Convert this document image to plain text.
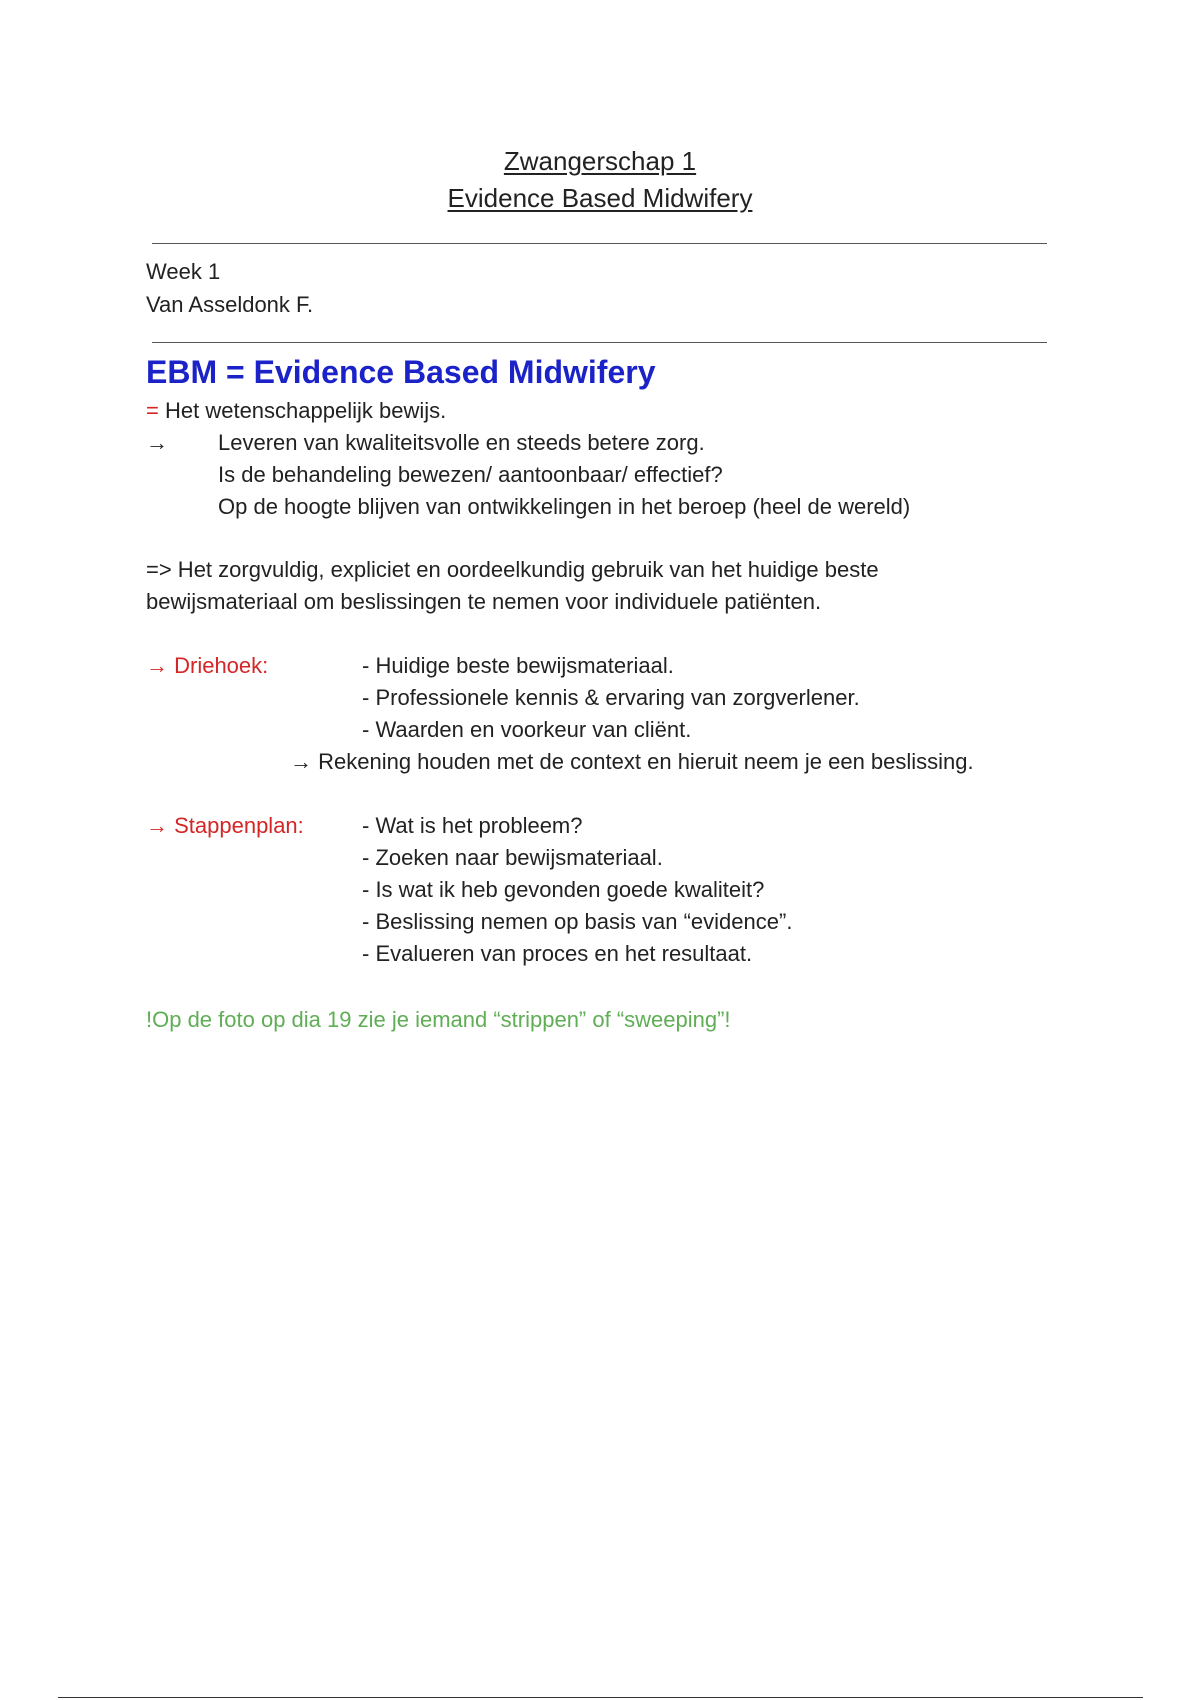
Zwangerschap 1
Evidence Based Midwifery
Week 1
Van Asseldonk F.
EBM = Evidence Based Midwifery
= Het wetenschappelijk bewijs.
→ Leveren van kwaliteitsvolle en steeds betere zorg.
Is de behandeling bewezen/ aantoonbaar/ effectief?
Op de hoogte blijven van ontwikkelingen in het beroep (heel de wereld)
=> Het zorgvuldig, expliciet en oordeelkundig gebruik van het huidige beste
bewijsmateriaal om beslissingen te nemen voor individuele patiënten.
→ Driehoek:	- Huidige beste bewijsmateriaal.
- Professionele kennis & ervaring van zorgverlener.
- Waarden en voorkeur van cliënt.
→ Rekening houden met de context en hieruit neem je een beslissing.
→ Stappenplan:	- Wat is het probleem?
- Zoeken naar bewijsmateriaal.
- Is wat ik heb gevonden goede kwaliteit?
- Beslissing nemen op basis van “evidence”.
- Evalueren van proces en het resultaat.
!Op de foto op dia 19 zie je iemand “strippen” of “sweeping”!
